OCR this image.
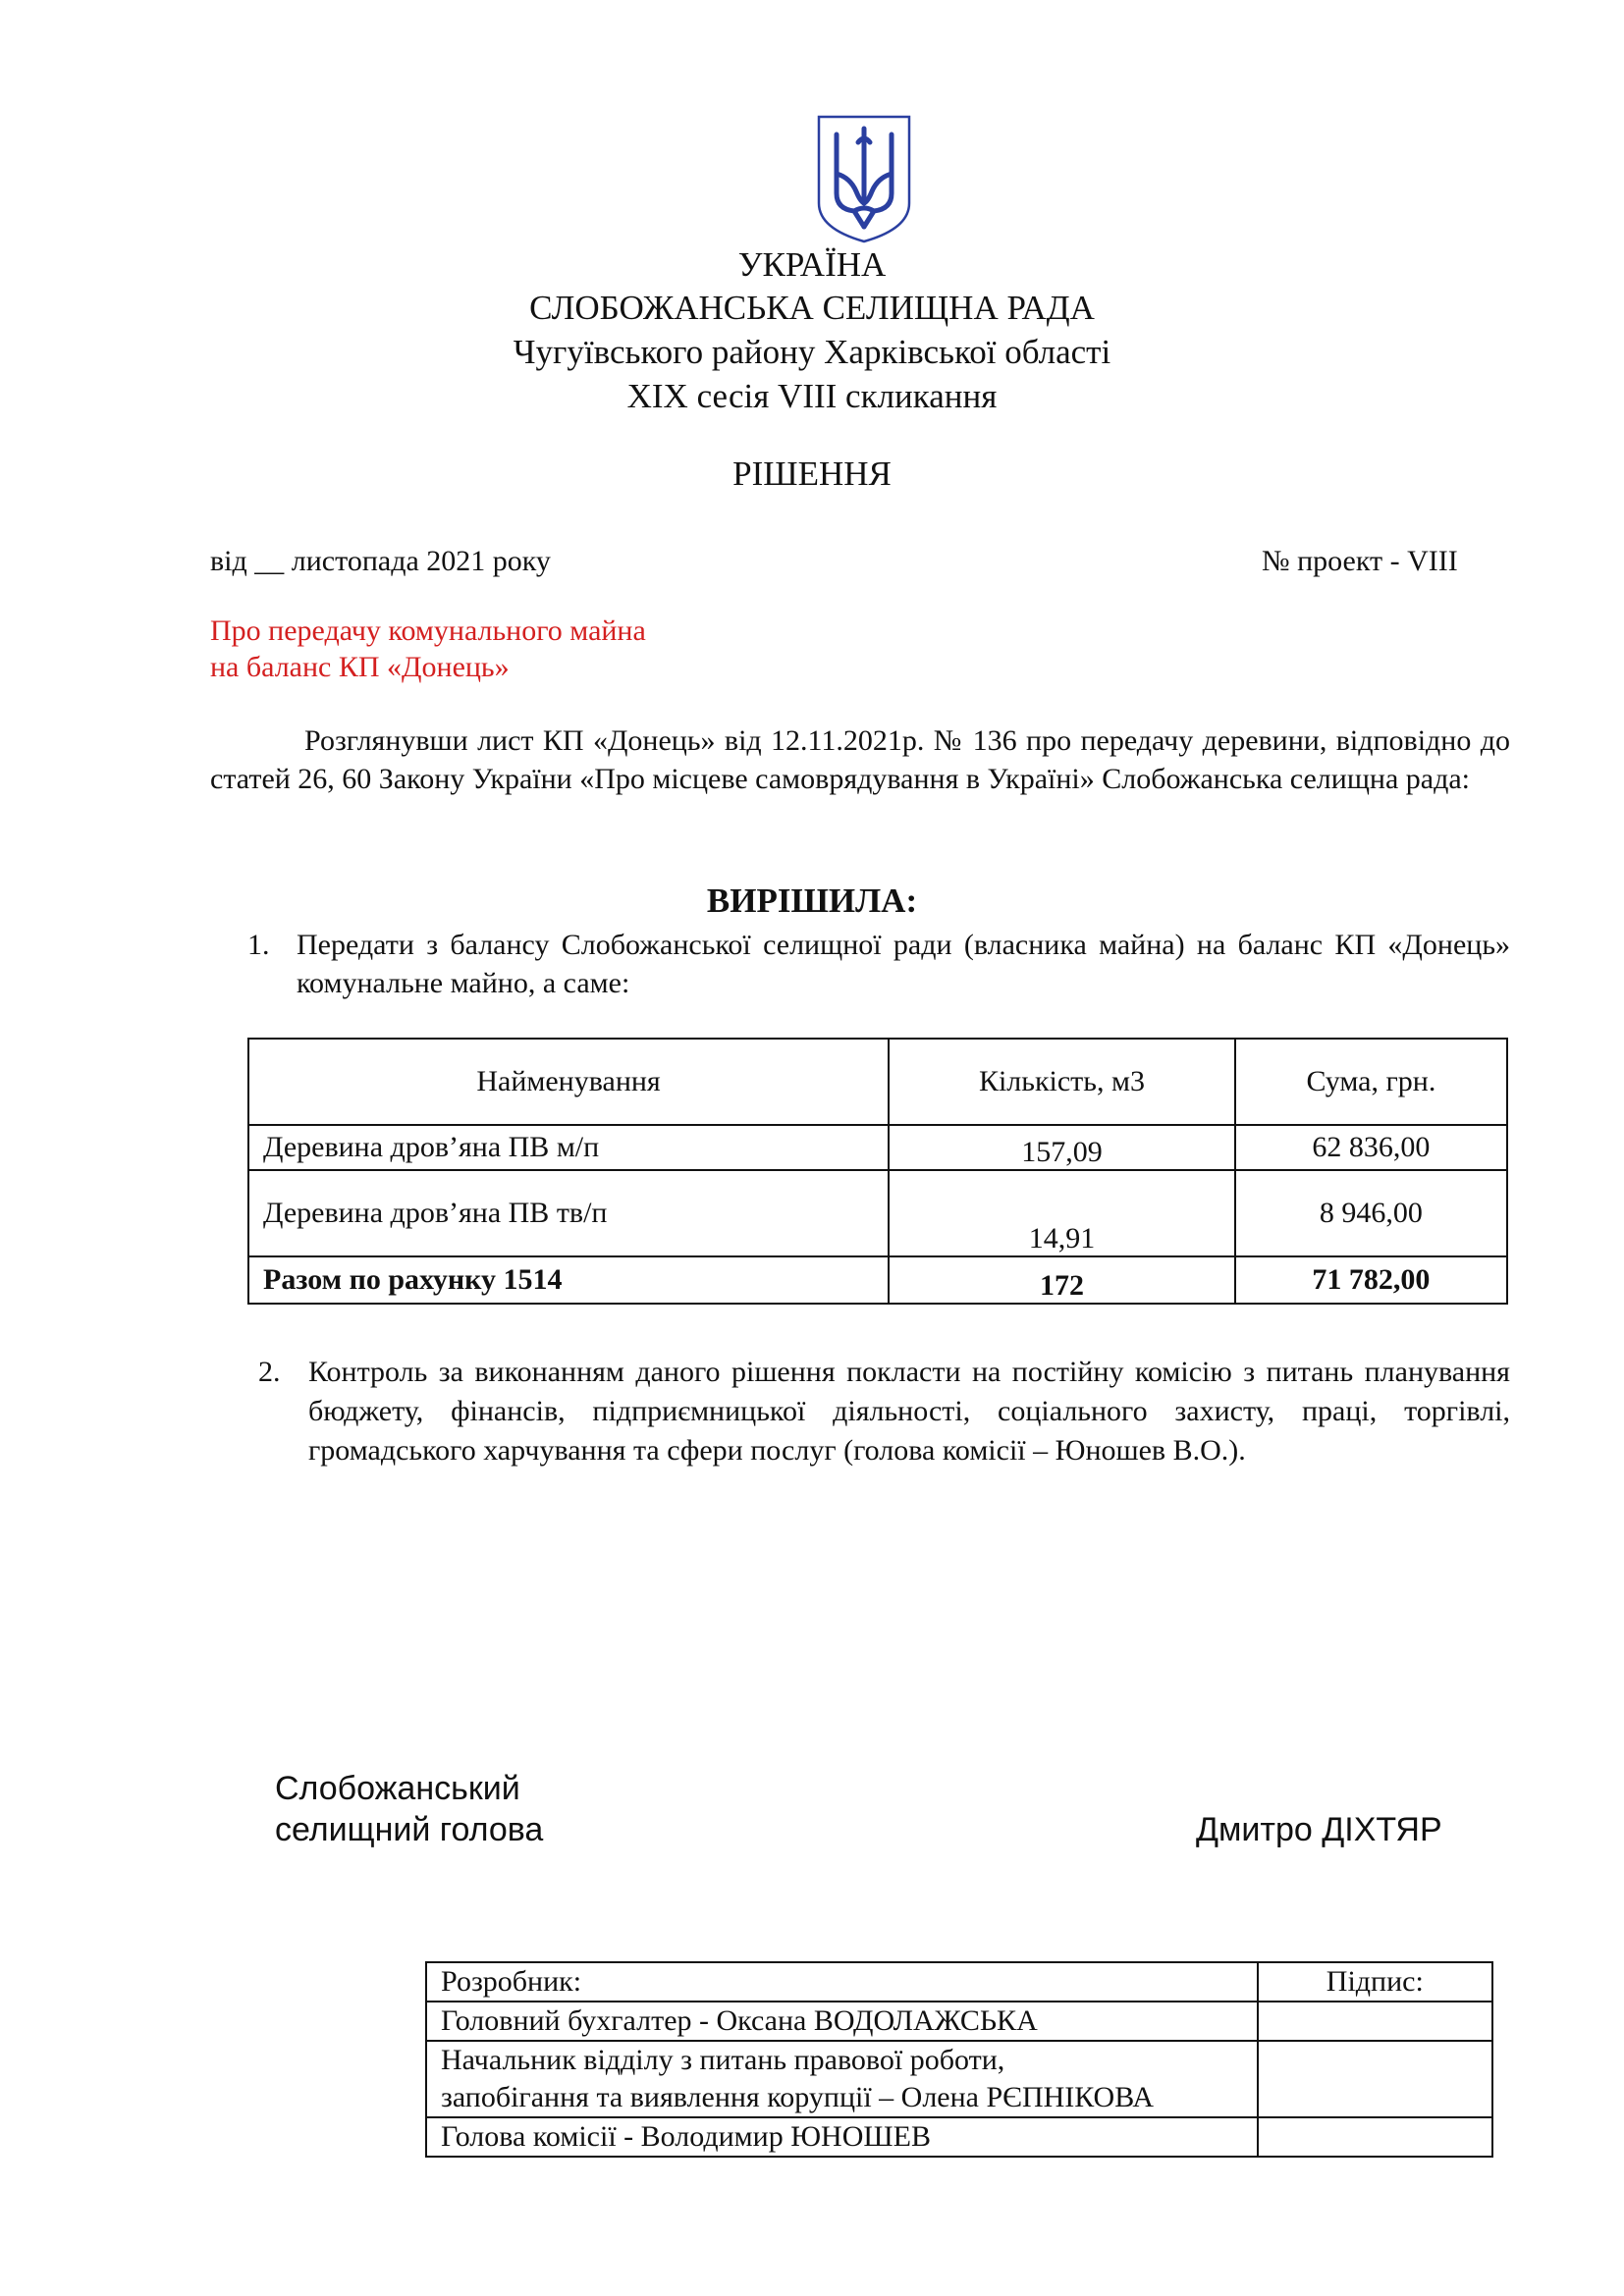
УКРАЇНА
СЛОБОЖАНСЬКА СЕЛИЩНА РАДА
Чугуївського району Харківської області
XIX сесія VIII скликання
РІШЕННЯ
від __ листопада 2021 року	№ проект - VIII
Про передачу комунального майна
на баланс КП «Донець»
Розглянувши лист КП «Донець» від 12.11.2021р. № 136 про передачу деревини, відповідно до статей 26, 60 Закону України «Про місцеве самоврядування в Україні» Слобожанська селищна рада:
ВИРІШИЛА:
1. Передати з балансу Слобожанської селищної ради (власника майна) на баланс КП «Донець» комунальне майно, а саме:
Найменування	Кількість, м3	Сума, грн.
Деревина дров’яна ПВ м/п	157,09	62 836,00
Деревина дров’яна ПВ тв/п	14,91	8 946,00
Разом по рахунку 1514	172	71 782,00
2. Контроль за виконанням даного рішення покласти на постійну комісію з питань планування бюджету, фінансів, підприємницької діяльності, соціального захисту, праці, торгівлі, громадського харчування та сфери послуг (голова комісії – Юношев В.О.).
Слобожанський
селищний голова	Дмитро ДІХТЯР
Розробник:	Підпис:

Головний бухгалтер - Оксана ВОДОЛАЖСЬКА	

Начальник відділу з питань правової роботи,
запобігання та виявлення корупції – Олена РЄПНІКОВА	

Голова комісії - Володимир ЮНОШЕВ	
